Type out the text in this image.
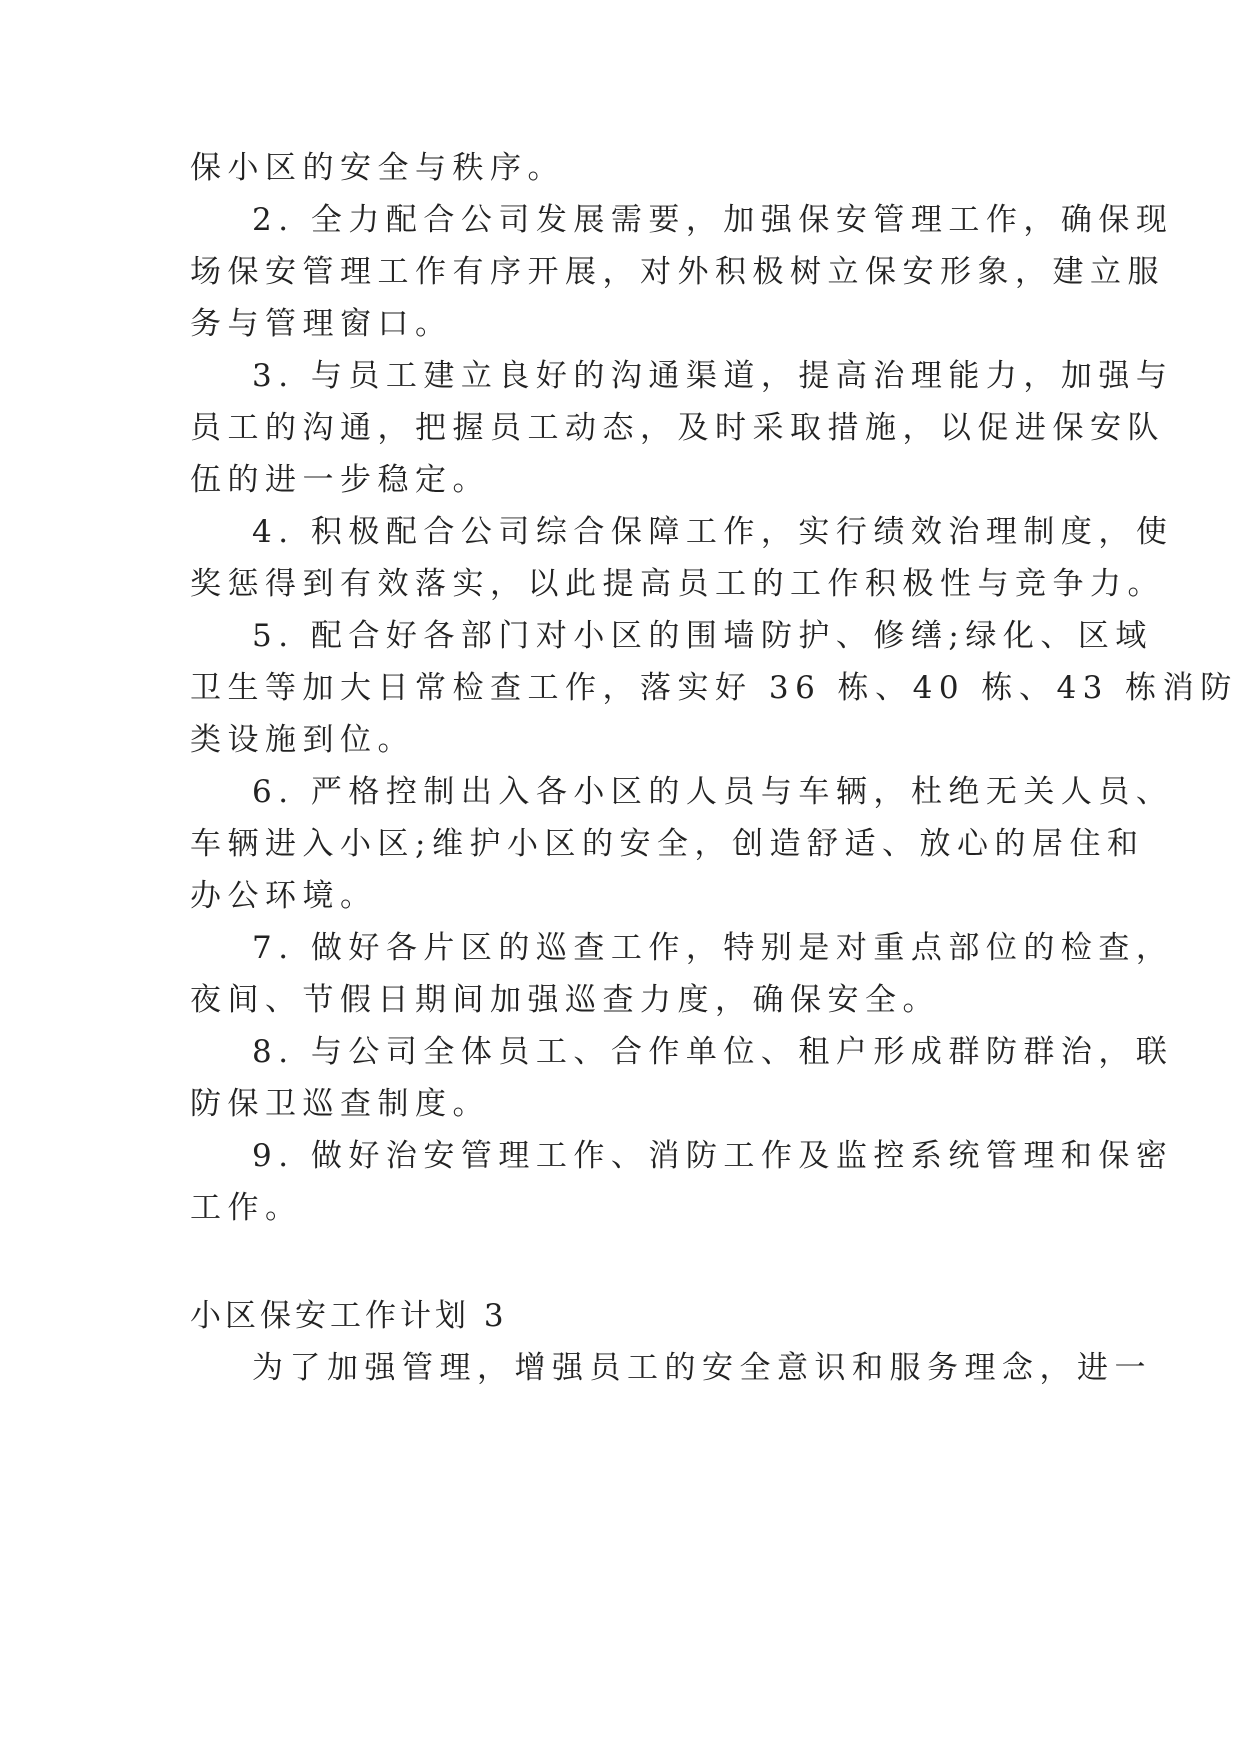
保小区的安全与秩序。
2. 全力配合公司发展需要，加强保安管理工作，确保现
场保安管理工作有序开展，对外积极树立保安形象，建立服
务与管理窗口。
3. 与员工建立良好的沟通渠道，提高治理能力，加强与
员工的沟通，把握员工动态，及时采取措施，以促进保安队
伍的进一步稳定。
4. 积极配合公司综合保障工作，实行绩效治理制度，使
奖惩得到有效落实，以此提高员工的工作积极性与竞争力。
5. 配合好各部门对小区的围墙防护、修缮;绿化、区域
卫生等加大日常检查工作，落实好 36 栋、40 栋、43 栋消防
类设施到位。
6. 严格控制出入各小区的人员与车辆，杜绝无关人员、
车辆进入小区;维护小区的安全，创造舒适、放心的居住和
办公环境。
7. 做好各片区的巡查工作，特别是对重点部位的检查，
夜间、节假日期间加强巡查力度，确保安全。
8. 与公司全体员工、合作单位、租户形成群防群治，联
防保卫巡查制度。
9. 做好治安管理工作、消防工作及监控系统管理和保密
工作。
小区保安工作计划 3
为了加强管理，增强员工的安全意识和服务理念，进一
